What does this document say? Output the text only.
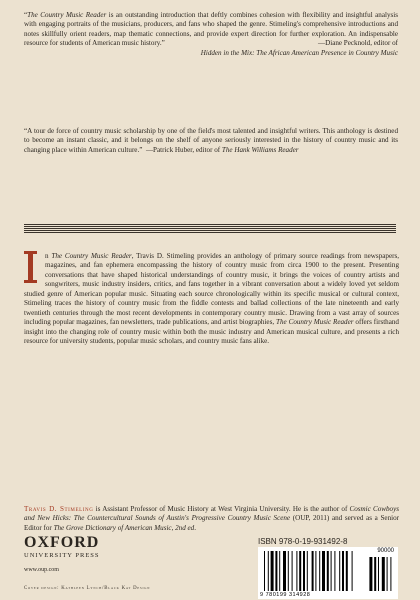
“The Country Music Reader is an outstanding introduction that deftly combines cohesion with flexibility and insightful analysis with engaging portraits of the musicians, producers, and fans who shaped the genre. Stimeling's comprehensive introductions and notes skillfully orient readers, map thematic connections, and provide expert direction for further exploration. An indispensable resource for students of American music history.”	—Diane Pecknold, editor of
Hidden in the Mix: The African American Presence in Country Music
“A tour de force of country music scholarship by one of the field's most talented and insightful writers. This anthology is destined to become an instant classic, and it belongs on the shelf of anyone seriously interested in the history of country music and its changing place within American culture.”  —Patrick Huber, editor of The Hank Williams Reader
n The Country Music Reader, Travis D. Stimeling provides an anthology of primary source readings from newspapers, magazines, and fan ephemera encompassing the history of country music from circa 1900 to the present. Presenting conversations that have shaped historical understandings of country music, it brings the voices of country artists and songwriters, music industry insiders, critics, and fans together in a vibrant conversation about a widely loved yet seldom studied genre of American popular music. Situating each source chronologically within its specific musical or cultural context, Stimeling traces the history of country music from the fiddle contests and ballad collections of the late nineteenth and early twentieth centuries through the most recent developments in contemporary country music. Drawing from a vast array of sources including popular magazines, fan newsletters, trade publications, and artist biographies, The Country Music Reader offers firsthand insight into the changing role of country music within both the music industry and American musical culture, and presents a rich resource for university students, popular music scholars, and country music fans alike.
Travis D. Stimeling is Assistant Professor of Music History at West Virginia University. He is the author of Cosmic Cowboys and New Hicks: The Countercultural Sounds of Austin's Progressive Country Music Scene (OUP, 2011) and served as a Senior Editor for The Grove Dictionary of American Music, 2nd ed.
OXFORD
UNIVERSITY PRESS
www.oup.com
ISBN 978-0-19-931492-8
90000
9 780199 314928
Cover design: Kathleen Lynch/Black Kat Design
